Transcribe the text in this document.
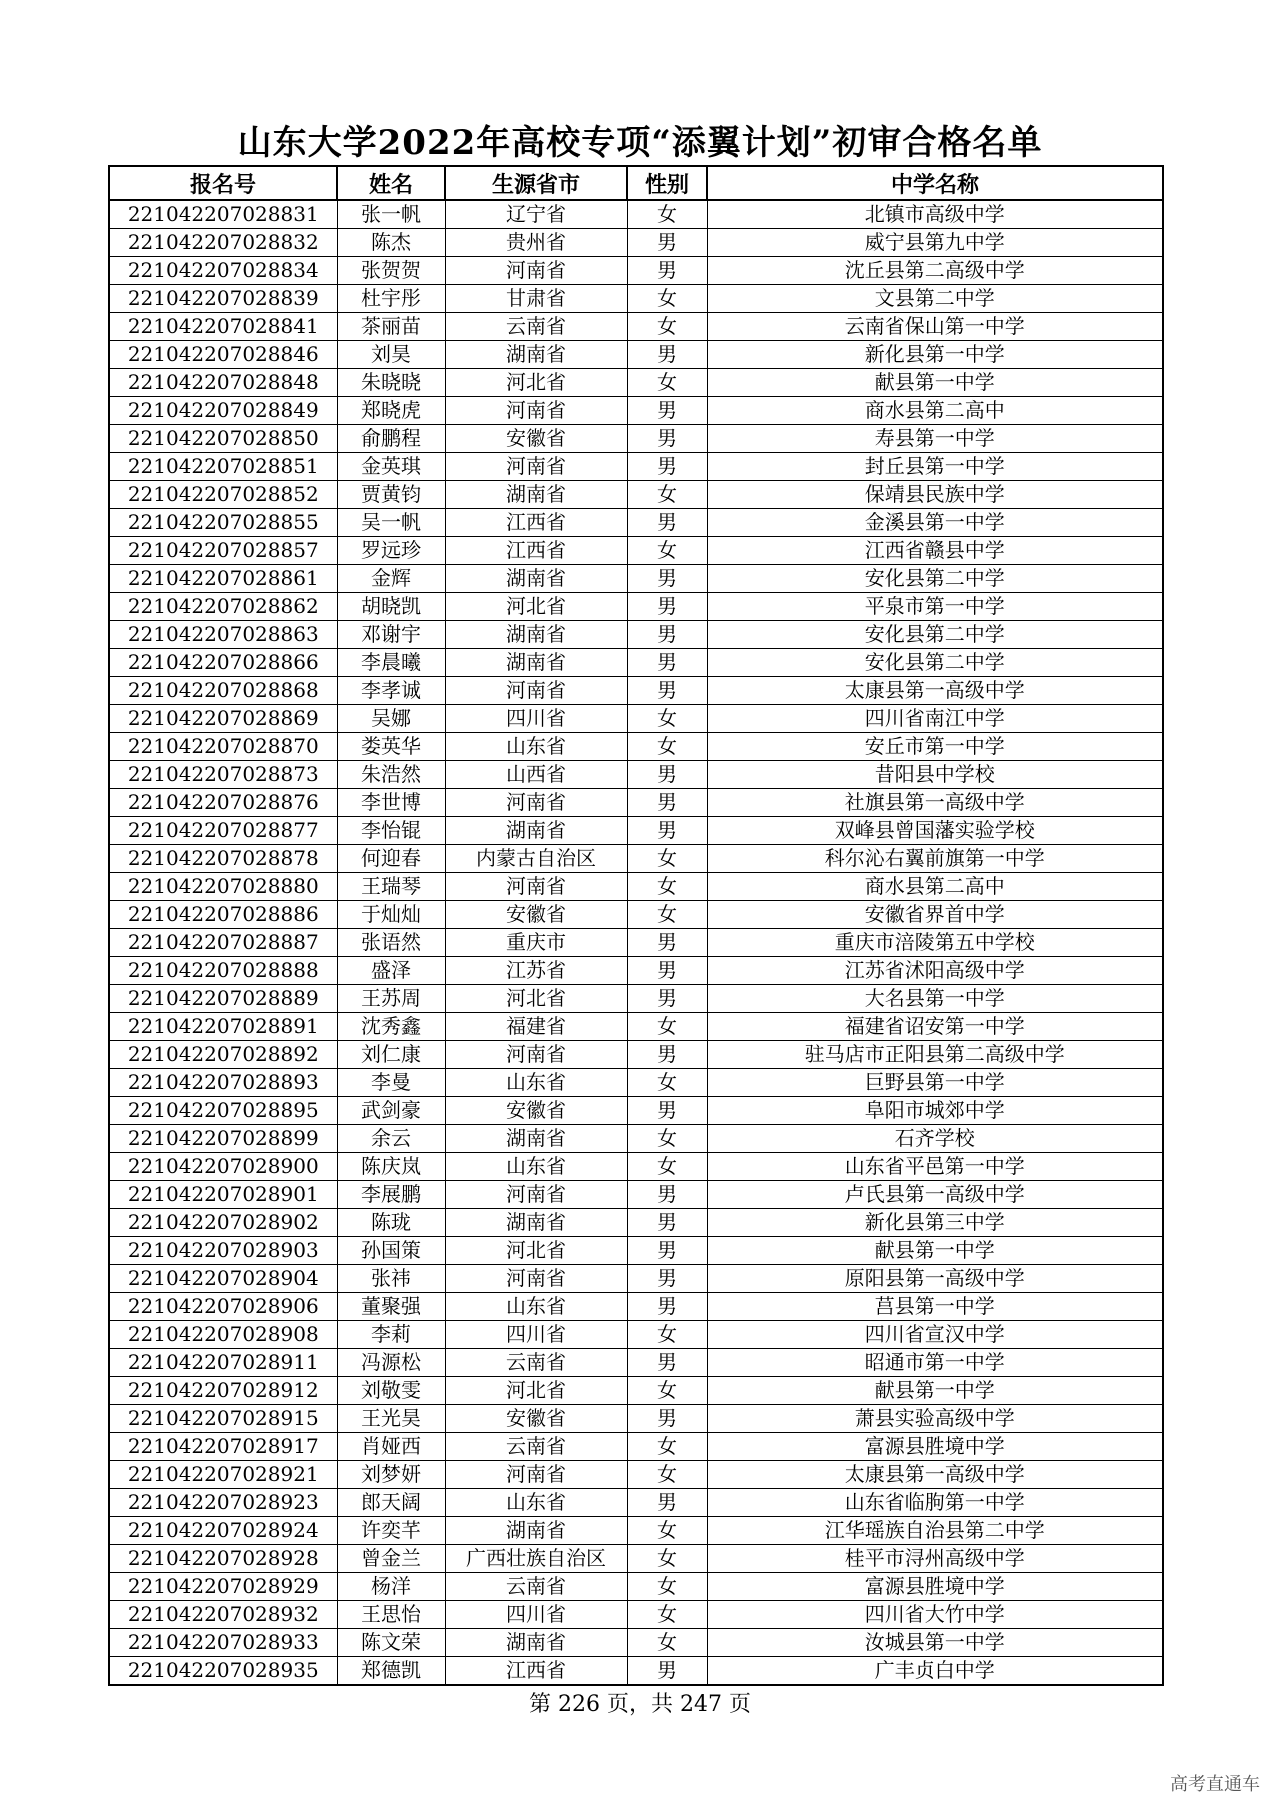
山东大学2022年高校专项“添翼计划”初审合格名单
报名号	姓名	生源省市	性别	中学名称
221042207028831	张一帆	辽宁省	女	北镇市高级中学
221042207028832	陈杰	贵州省	男	威宁县第九中学
221042207028834	张贺贺	河南省	男	沈丘县第二高级中学
221042207028839	杜宇彤	甘肃省	女	文县第二中学
221042207028841	茶丽苗	云南省	女	云南省保山第一中学
221042207028846	刘昊	湖南省	男	新化县第一中学
221042207028848	朱晓晓	河北省	女	献县第一中学
221042207028849	郑晓虎	河南省	男	商水县第二高中
221042207028850	俞鹏程	安徽省	男	寿县第一中学
221042207028851	金英琪	河南省	男	封丘县第一中学
221042207028852	贾黄钧	湖南省	女	保靖县民族中学
221042207028855	吴一帆	江西省	男	金溪县第一中学
221042207028857	罗远珍	江西省	女	江西省赣县中学
221042207028861	金辉	湖南省	男	安化县第二中学
221042207028862	胡晓凯	河北省	男	平泉市第一中学
221042207028863	邓谢宇	湖南省	男	安化县第二中学
221042207028866	李晨曦	湖南省	男	安化县第二中学
221042207028868	李孝诚	河南省	男	太康县第一高级中学
221042207028869	吴娜	四川省	女	四川省南江中学
221042207028870	娄英华	山东省	女	安丘市第一中学
221042207028873	朱浩然	山西省	男	昔阳县中学校
221042207028876	李世博	河南省	男	社旗县第一高级中学
221042207028877	李怡锟	湖南省	男	双峰县曾国藩实验学校
221042207028878	何迎春	内蒙古自治区	女	科尔沁右翼前旗第一中学
221042207028880	王瑞琴	河南省	女	商水县第二高中
221042207028886	于灿灿	安徽省	女	安徽省界首中学
221042207028887	张语然	重庆市	男	重庆市涪陵第五中学校
221042207028888	盛泽	江苏省	男	江苏省沭阳高级中学
221042207028889	王苏周	河北省	男	大名县第一中学
221042207028891	沈秀鑫	福建省	女	福建省诏安第一中学
221042207028892	刘仁康	河南省	男	驻马店市正阳县第二高级中学
221042207028893	李曼	山东省	女	巨野县第一中学
221042207028895	武剑豪	安徽省	男	阜阳市城郊中学
221042207028899	余云	湖南省	女	石齐学校
221042207028900	陈庆岚	山东省	女	山东省平邑第一中学
221042207028901	李展鹏	河南省	男	卢氏县第一高级中学
221042207028902	陈珑	湖南省	男	新化县第三中学
221042207028903	孙国策	河北省	男	献县第一中学
221042207028904	张祎	河南省	男	原阳县第一高级中学
221042207028906	董聚强	山东省	男	莒县第一中学
221042207028908	李莉	四川省	女	四川省宣汉中学
221042207028911	冯源松	云南省	男	昭通市第一中学
221042207028912	刘敬雯	河北省	女	献县第一中学
221042207028915	王光昊	安徽省	男	萧县实验高级中学
221042207028917	肖娅西	云南省	女	富源县胜境中学
221042207028921	刘梦妍	河南省	女	太康县第一高级中学
221042207028923	郎天阔	山东省	男	山东省临朐第一中学
221042207028924	许奕芊	湖南省	女	江华瑶族自治县第二中学
221042207028928	曾金兰	广西壮族自治区	女	桂平市浔州高级中学
221042207028929	杨洋	云南省	女	富源县胜境中学
221042207028932	王思怡	四川省	女	四川省大竹中学
221042207028933	陈文荣	湖南省	女	汝城县第一中学
221042207028935	郑德凯	江西省	男	广丰贞白中学
第 226 页，共 247 页
高考直通车
